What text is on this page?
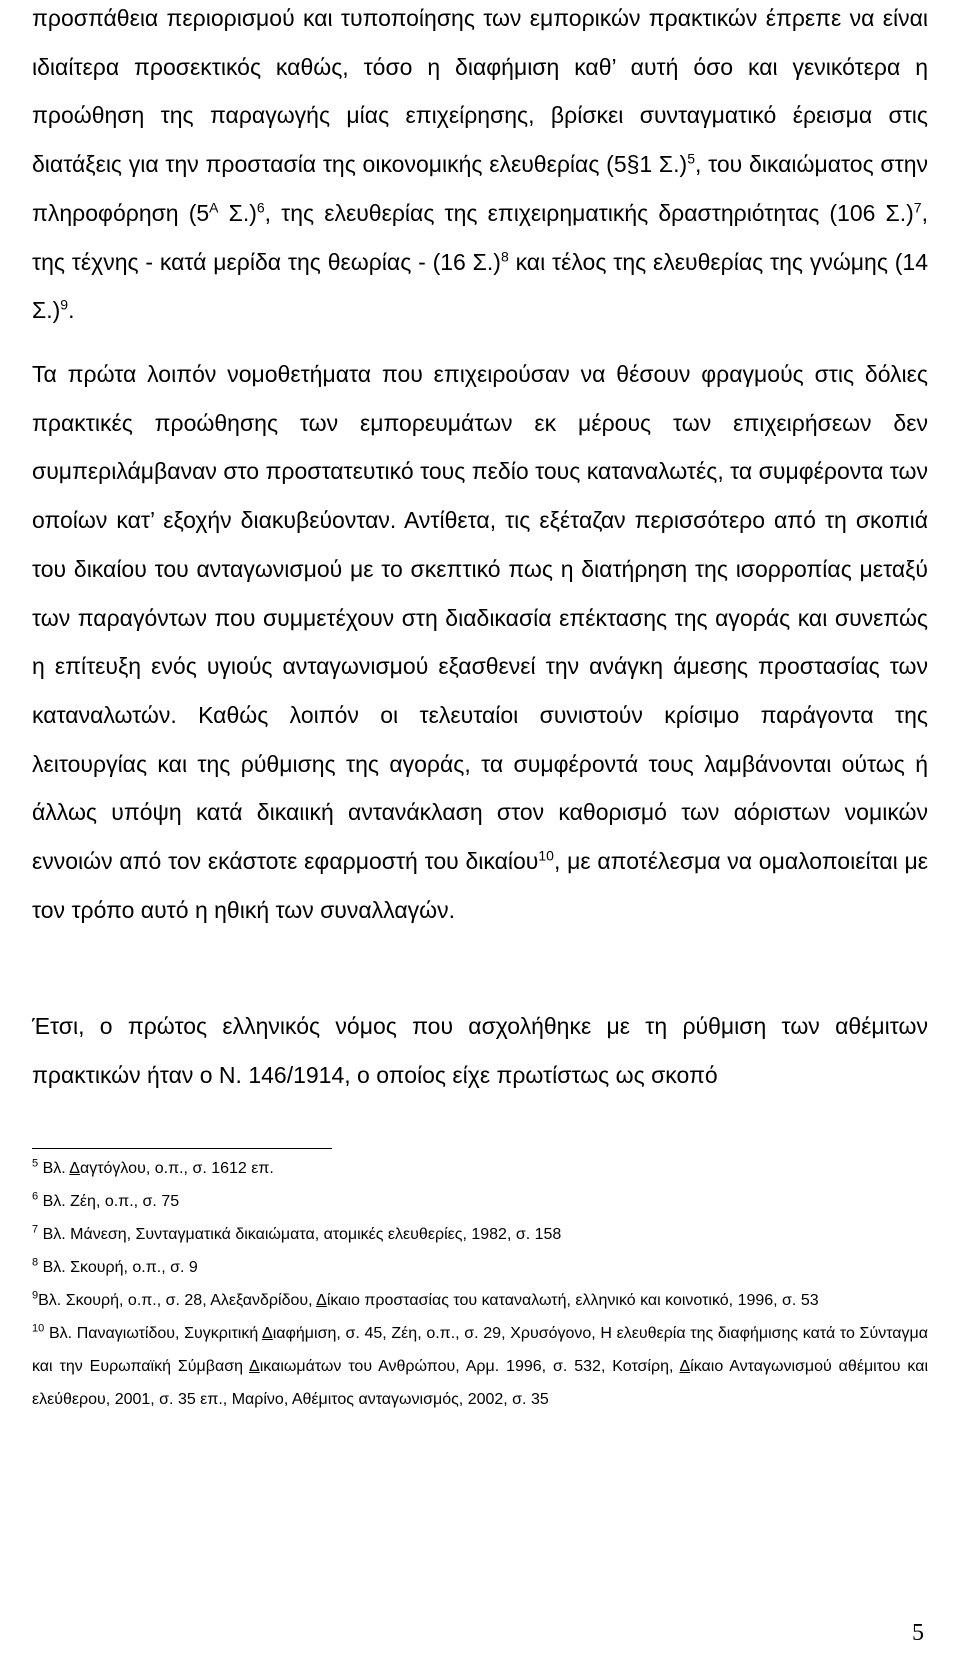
προσπάθεια περιορισμού και τυποποίησης των εμπορικών πρακτικών έπρεπε να είναι ιδιαίτερα προσεκτικός καθώς, τόσο η διαφήμιση καθ’ αυτή όσο και γενικότερα η προώθηση της παραγωγής μίας επιχείρησης, βρίσκει συνταγματικό έρεισμα στις διατάξεις για την προστασία της οικονομικής ελευθερίας (5§1 Σ.)$^5$, του δικαιώματος στην πληροφόρηση ($5^A$ Σ.)$^6$, της ελευθερίας της επιχειρηματικής δραστηριότητας (106 Σ.)$^7$, της τέχνης - κατά μερίδα της θεωρίας - (16 Σ.)$^8$ και τέλος της ελευθερίας της γνώμης (14 Σ.)$^9$.

Τα πρώτα λοιπόν νομοθετήματα που επιχειρούσαν να θέσουν φραγμούς στις δόλιες πρακτικές προώθησης των εμπορευμάτων εκ μέρους των επιχειρήσεων δεν συμπεριλάμβαναν στο προστατευτικό τους πεδίο τους καταναλωτές, τα συμφέροντα των οποίων κατ’ εξοχήν διακυβεύονταν. Αντίθετα, τις εξέταζαν περισσότερο από τη σκοπιά του δικαίου του ανταγωνισμού με το σκεπτικό πως η διατήρηση της ισορροπίας μεταξύ των παραγόντων που συμμετέχουν στη διαδικασία επέκτασης της αγοράς και συνεπώς η επίτευξη ενός υγιούς ανταγωνισμού εξασθενεί την ανάγκη άμεσης προστασίας των καταναλωτών. Καθώς λοιπόν οι τελευταίοι συνιστούν κρίσιμο παράγοντα της λειτουργίας και της ρύθμισης της αγοράς, τα συμφέροντά τους λαμβάνονται ούτως ή άλλως υπόψη κατά δικαιική αντανάκλαση στον καθορισμό των αόριστων νομικών εννοιών από τον εκάστοτε εφαρμοστή του δικαίου$^{10}$, με αποτέλεσμα να ομαλοποιείται με τον τρόπο αυτό η ηθική των συναλλαγών.

Έτσι, ο πρώτος ελληνικός νόμος που ασχολήθηκε με τη ρύθμιση των αθέμιτων πρακτικών ήταν ο Ν. 146/1914, ο οποίος είχε πρωτίστως ως σκοπό

$^5$ Βλ. Δαγτόγλου, ο.π., σ. 1612 επ.

$^6$ Βλ. Ζέη, ο.π., σ. 75

$^7$ Βλ. Μάνεση, Συνταγματικά δικαιώματα, ατομικές ελευθερίες, 1982, σ. 158

$^8$ Βλ. Σκουρή, ο.π., σ. 9

$^9$Βλ. Σκουρή, ο.π., σ. 28, Αλεξανδρίδου, Δίκαιο προστασίας του καταναλωτή, ελληνικό και κοινοτικό, 1996, σ. 53

$^{10}$ Βλ. Παναγιωτίδου, Συγκριτική Διαφήμιση, σ. 45, Ζέη, ο.π., σ. 29, Χρυσόγονο, Η ελευθερία της διαφήμισης κατά το Σύνταγμα και την Ευρωπαϊκή Σύμβαση Δικαιωμάτων του Ανθρώπου, Αρμ. 1996, σ. 532, Κοτσίρη, Δίκαιο Ανταγωνισμού αθέμιτου και ελεύθερου, 2001, σ. 35 επ., Μαρίνο, Αθέμιτος ανταγωνισμός, 2002, σ. 35

5
